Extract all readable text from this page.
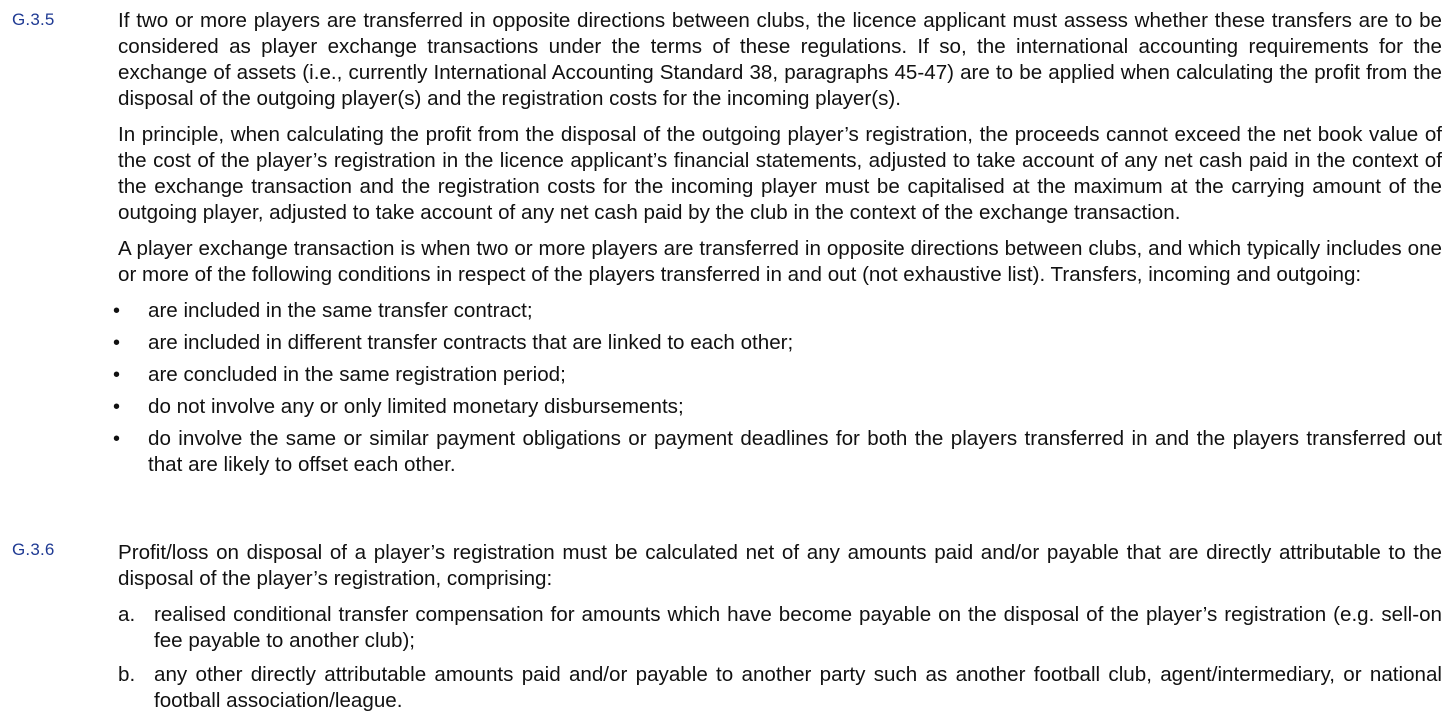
G.3.5	If two or more players are transferred in opposite directions between clubs, the licence applicant must assess whether these transfers are to be considered as player exchange transactions under the terms of these regulations. If so, the international accounting requirements for the exchange of assets (i.e., currently International Accounting Standard 38, paragraphs 45-47) are to be applied when calculating the profit from the disposal of the outgoing player(s) and the registration costs for the incoming player(s).

In principle, when calculating the profit from the disposal of the outgoing player’s registration, the proceeds cannot exceed the net book value of the cost of the player’s registration in the licence applicant’s financial statements, adjusted to take account of any net cash paid in the context of the exchange transaction and the registration costs for the incoming player must be capitalised at the maximum at the carrying amount of the outgoing player, adjusted to take account of any net cash paid by the club in the context of the exchange transaction.

A player exchange transaction is when two or more players are transferred in opposite directions between clubs, and which typically includes one or more of the following conditions in respect of the players transferred in and out (not exhaustive list). Transfers, incoming and outgoing:

• are included in the same transfer contract;
• are included in different transfer contracts that are linked to each other;
• are concluded in the same registration period;
• do not involve any or only limited monetary disbursements;
• do involve the same or similar payment obligations or payment deadlines for both the players transferred in and the players transferred out that are likely to offset each other.
G.3.6	Profit/loss on disposal of a player’s registration must be calculated net of any amounts paid and/or payable that are directly attributable to the disposal of the player’s registration, comprising:

a. realised conditional transfer compensation for amounts which have become payable on the disposal of the player’s registration (e.g. sell-on fee payable to another club);
b. any other directly attributable amounts paid and/or payable to another party such as another football club, agent/intermediary, or national football association/league.
